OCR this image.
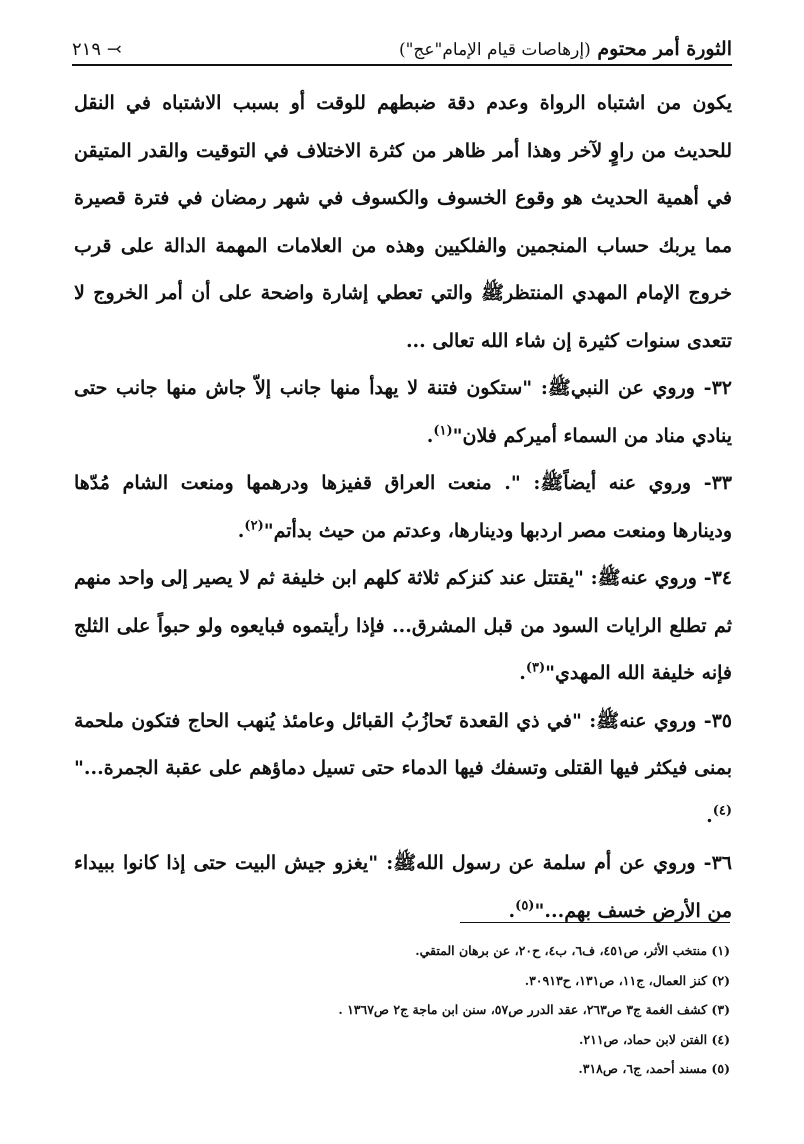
الثورة أمر محتوم (إرهاصات قيام الإمام"عج")
⤙ ٢١٩

يكون من اشتباه الرواة وعدم دقة ضبطهم للوقت أو بسبب الاشتباه في النقل للحديث من راوٍ لآخر وهذا أمر ظاهر من كثرة الاختلاف في التوقيت والقدر المتيقن في أهمية الحديث هو وقوع الخسوف والكسوف في شهر رمضان في فترة قصيرة مما يربك حساب المنجمين والفلكيين وهذه من العلامات المهمة الدالة على قرب خروج الإمام المهدي المنتظرﷺ والتي تعطي إشارة واضحة على أن أمر الخروج لا تتعدى سنوات كثيرة إن شاء الله تعالى ...

٣٢- وروي عن النبيﷺ: "ستكون فتنة لا يهدأ منها جانب إلاّ جاش منها جانب حتى ينادي مناد من السماء أميركم فلان"$^{(١)}$.

٣٣- وروي عنه أيضاًﷺ: ". منعت العراق قفيزها ودرهمها ومنعت الشام مُدّها ودينارها ومنعت مصر اردبها ودينارها، وعدتم من حيث بدأتم"$^{(٢)}$.

٣٤- وروي عنهﷺ: "يقتتل عند كنزكم ثلاثة كلهم ابن خليفة ثم لا يصير إلى واحد منهم ثم تطلع الرايات السود من قبل المشرق... فإذا رأيتموه فبايعوه ولو حبواً على الثلج فإنه خليفة الله المهدي"$^{(٣)}$.

٣٥- وروي عنهﷺ: "في ذي القعدة تَحازُبُ القبائل وعامئذ يُنهب الحاج فتكون ملحمة بمنى فيكثر فيها القتلى وتسفك فيها الدماء حتى تسيل دماؤهم على عقبة الجمرة..."$^{(٤)}$.

٣٦- وروي عن أم سلمة عن رسول اللهﷺ: "يغزو جيش البيت حتى إذا كانوا ببيداء من الأرض خسف بهم..."$^{(٥)}$.

(١) منتخب الأثر، ص٤٥١، ف٦، ب٤، ح٢٠، عن برهان المتقي.
(٢) كنز العمال، ج١١، ص١٣١، ح٣٠٩١٣.
(٣) كشف الغمة ج٣ ص٢٦٣، عقد الدرر ص٥٧، سنن ابن ماجة ج٢ ص١٣٦٧ .
(٤) الفتن لابن حماد، ص٢١١.
(٥) مسند أحمد، ج٦، ص٣١٨.
